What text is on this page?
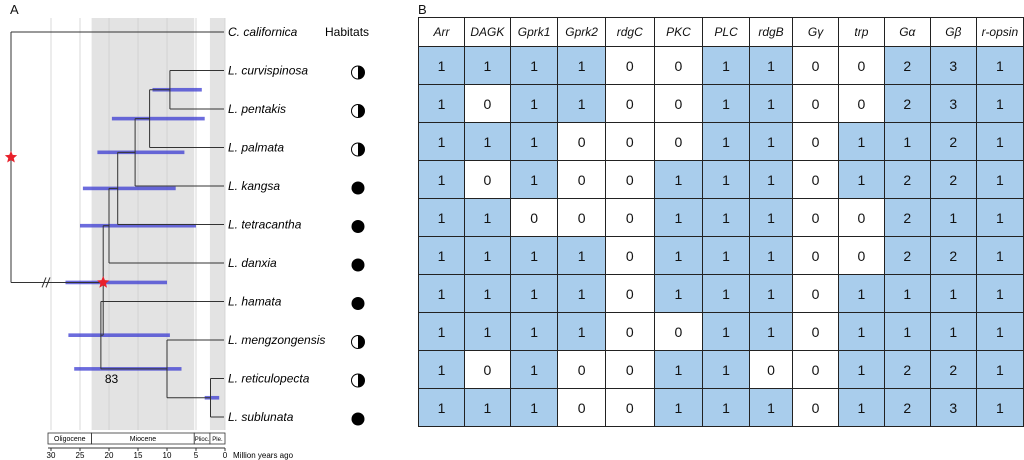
A	B
83
Habitats
C. californica
L. curvispinosa
L. pentakis
L. palmata
L. kangsa
L. tetracantha
L. danxia
L. hamata
L. mengzongensis
L. reticulopecta
L. sublunata
30	25	20	15	10	5	0 Million years ago
Oligocene	Miocene	Plioc. Ple.
Arr	DAGK	Gprk1	Gprk2	rdgC	PKC	PLC	rdgB	Gγ	trp	Gα	Gβ	r-opsin
1	1	1	1	0	0	1	1	0	0	2	3	1
1	0	1	1	0	0	1	1	0	0	2	3	1
1	1	1	0	0	0	1	1	0	1	1	2	1
1	0	1	0	0	1	1	1	0	1	2	2	1
1	1	0	0	0	1	1	1	0	0	2	1	1
1	1	1	1	0	1	1	1	0	0	2	2	1
1	1	1	1	0	1	1	1	0	1	1	1	1
1	1	1	1	0	0	1	1	0	1	1	1	1
1	0	1	0	0	1	1	0	0	1	2	2	1
1	1	1	0	0	1	1	1	0	1	2	3	1
